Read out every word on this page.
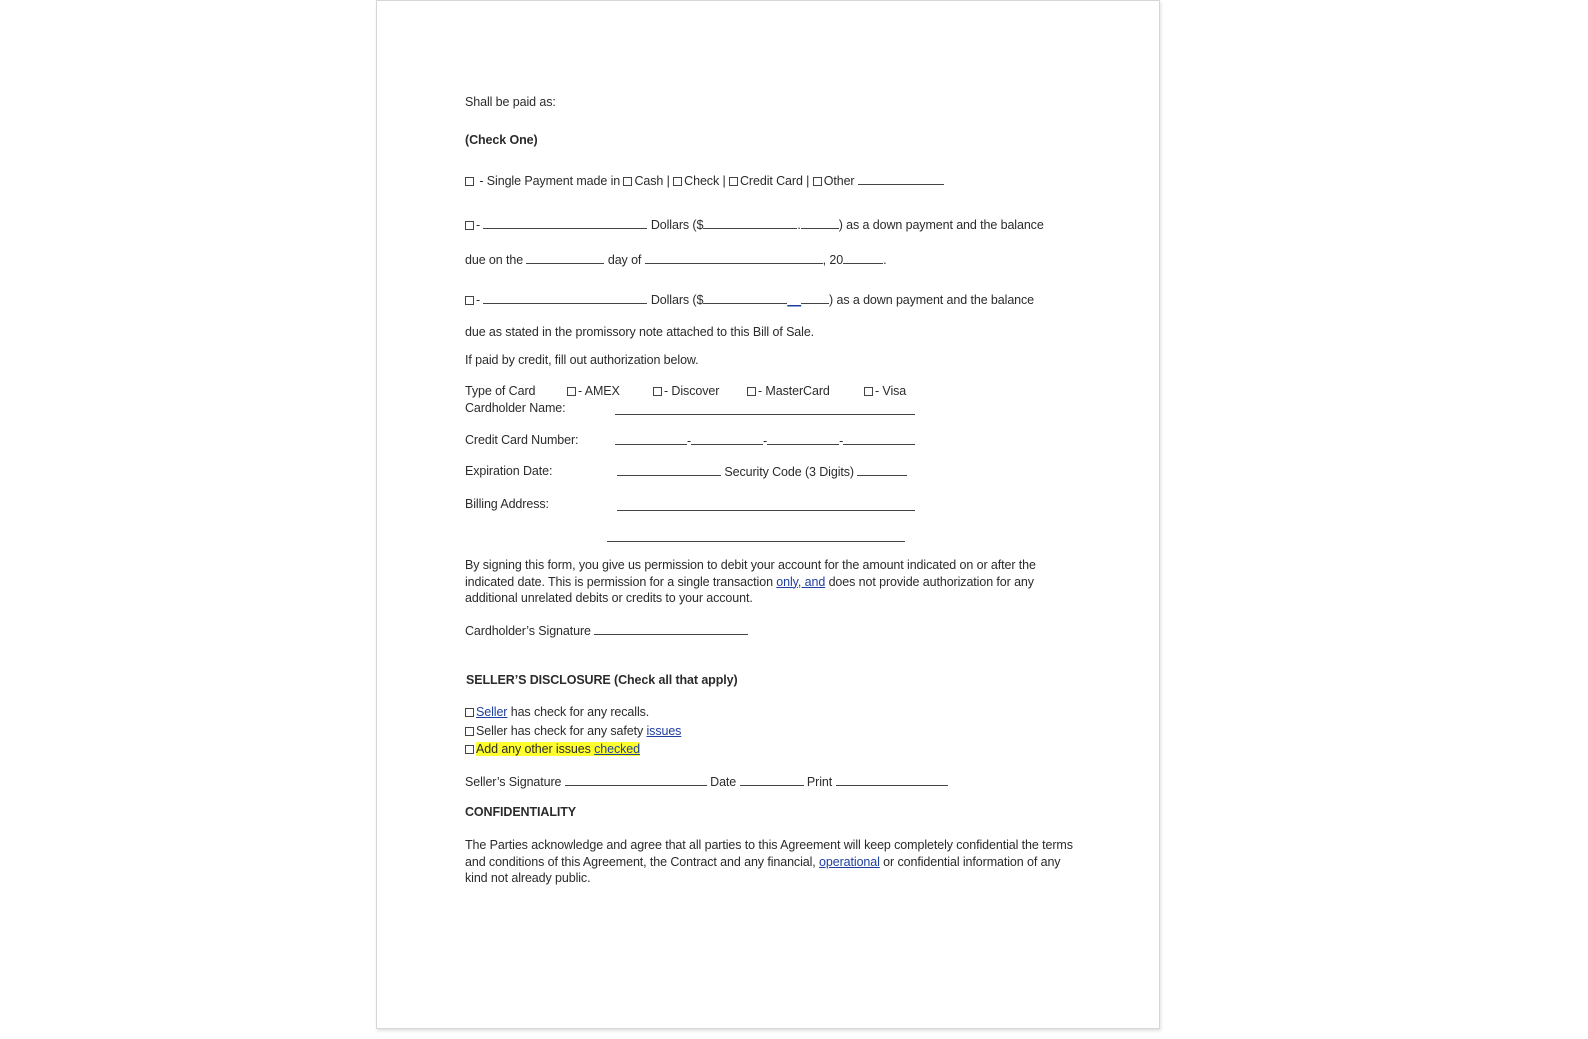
Shall be paid as:
(Check One)
- Single Payment made in Cash | Check | Credit Card | Other
-	Dollars ($	.	) as a down payment and the balance
due on the	day of	, 20	.
-	Dollars ($	__ ) as a down payment and the balance
due as stated in the promissory note attached to this Bill of Sale.
If paid by credit, fill out authorization below.
Type of Card	- AMEX	- Discover	- MasterCard	- Visa
Cardholder Name:
Credit Card Number:	-	-	-
Expiration Date:	Security Code (3 Digits)
Billing Address:
By signing this form, you give us permission to debit your account for the amount indicated on or after the indicated date. This is permission for a single transaction only, and does not provide authorization for any additional unrelated debits or credits to your account.
Cardholder’s Signature
SELLER’S DISCLOSURE (Check all that apply)
Seller has check for any recalls.
Seller has check for any safety issues
Add any other issues checked
Seller’s Signature	Date	Print
CONFIDENTIALITY
The Parties acknowledge and agree that all parties to this Agreement will keep completely confidential the terms and conditions of this Agreement, the Contract and any financial, operational or confidential information of any kind not already public.
